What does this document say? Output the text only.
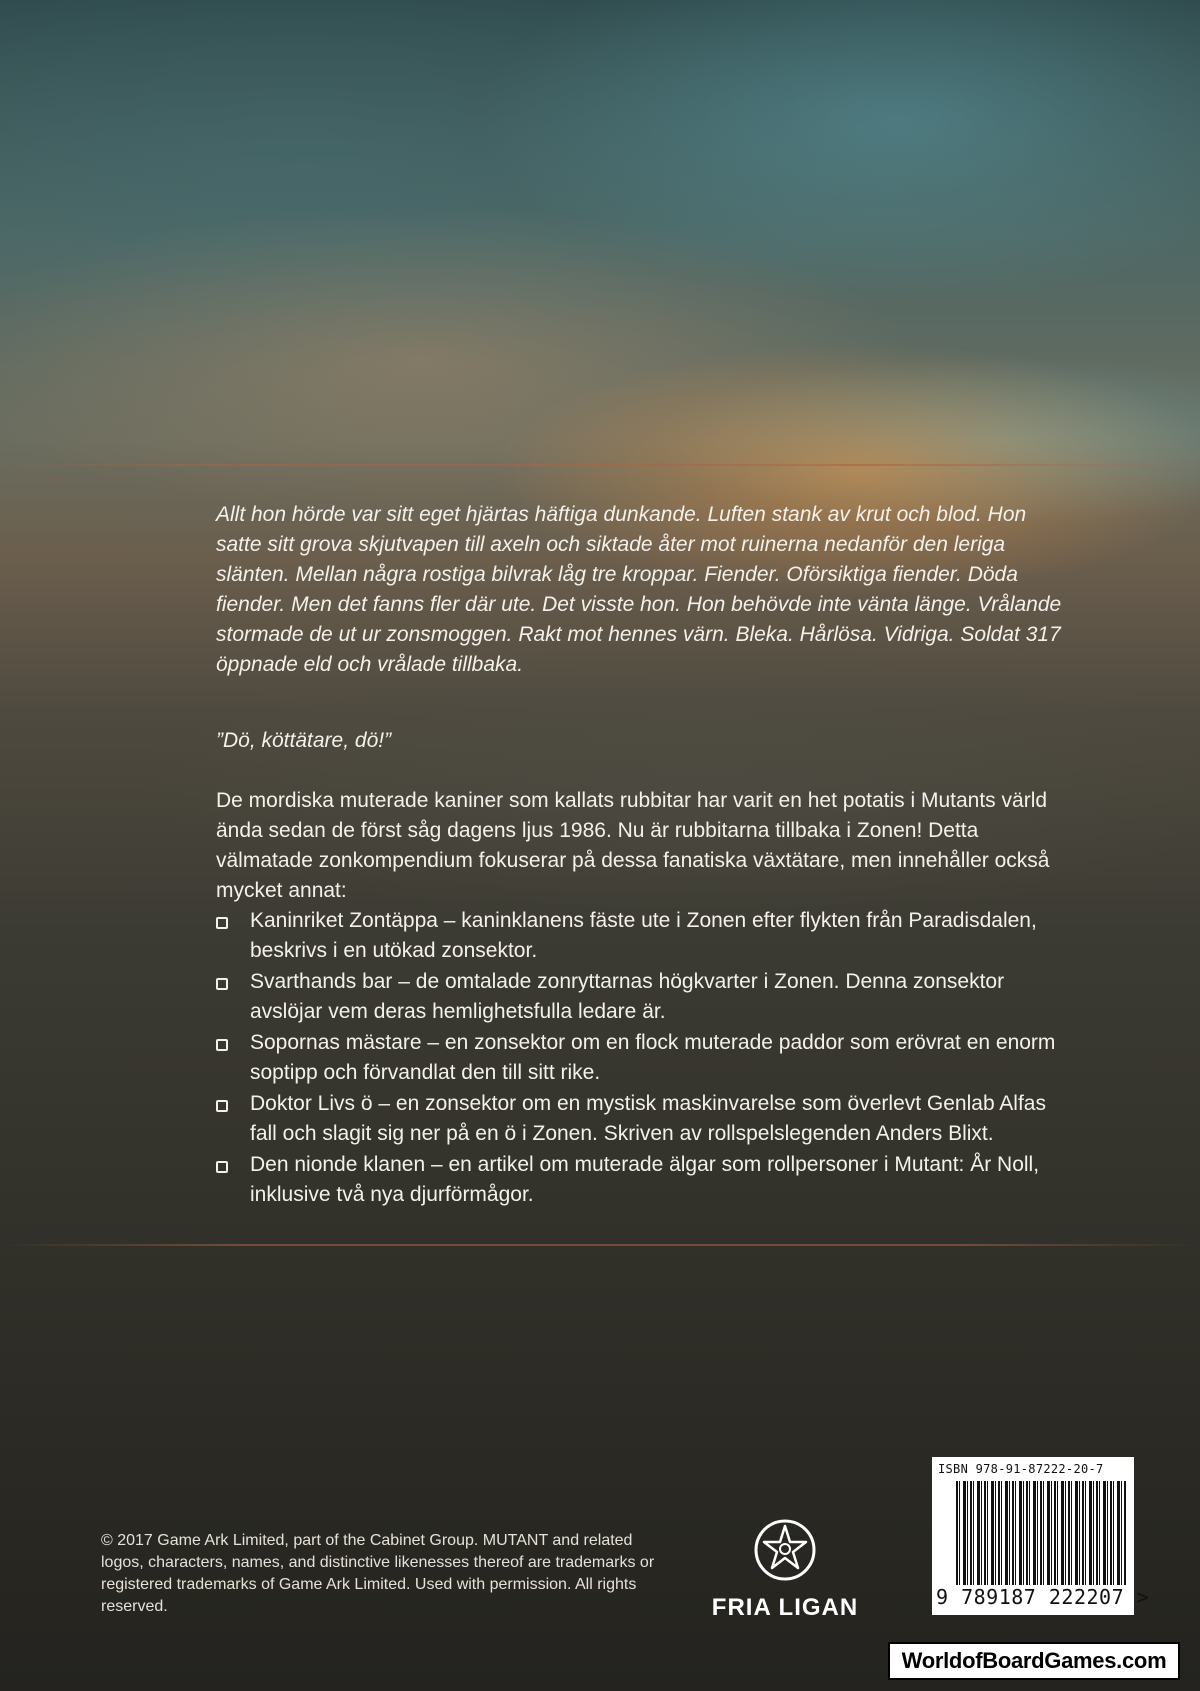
Allt hon hörde var sitt eget hjärtas häftiga dunkande. Luften stank av krut och blod. Hon satte sitt grova skjutvapen till axeln och siktade åter mot ruinerna nedanför den leriga slänten. Mellan några rostiga bilvrak låg tre kroppar. Fiender. Oförsiktiga fiender. Döda fiender. Men det fanns fler där ute. Det visste hon. Hon behövde inte vänta länge. Vrålande stormade de ut ur zonsmoggen. Rakt mot hennes värn. Bleka. Hårlösa. Vidriga. Soldat 317 öppnade eld och vrålade tillbaka.

”Dö, köttätare, dö!”

De mordiska muterade kaniner som kallats rubbitar har varit en het potatis i Mutants värld ända sedan de först såg dagens ljus 1986. Nu är rubbitarna tillbaka i Zonen! Detta välmatade zonkompendium fokuserar på dessa fanatiska växtätare, men innehåller också mycket annat:

Kaninriket Zontäppa – kaninklanens fäste ute i Zonen efter flykten från Paradisdalen, beskrivs i en utökad zonsektor.
Svarthands bar – de omtalade zonryttarnas högkvarter i Zonen. Denna zonsektor avslöjar vem deras hemlighetsfulla ledare är.
Sopornas mästare – en zonsektor om en flock muterade paddor som erövrat en enorm soptipp och förvandlat den till sitt rike.
Doktor Livs ö – en zonsektor om en mystisk maskinvarelse som överlevt Genlab Alfas fall och slagit sig ner på en ö i Zonen. Skriven av rollspelslegenden Anders Blixt.
Den nionde klanen – en artikel om muterade älgar som rollpersoner i Mutant: År Noll, inklusive två nya djurförmågor.

© 2017 Game Ark Limited, part of the Cabinet Group. MUTANT and related logos, characters, names, and distinctive likenesses thereof are trademarks or registered trademarks of Game Ark Limited. Used with permission. All rights reserved.	FRIA LIGAN
ISBN 978-91-87222-20-7
9 789187 222207 >
WorldofBoardGames.com
